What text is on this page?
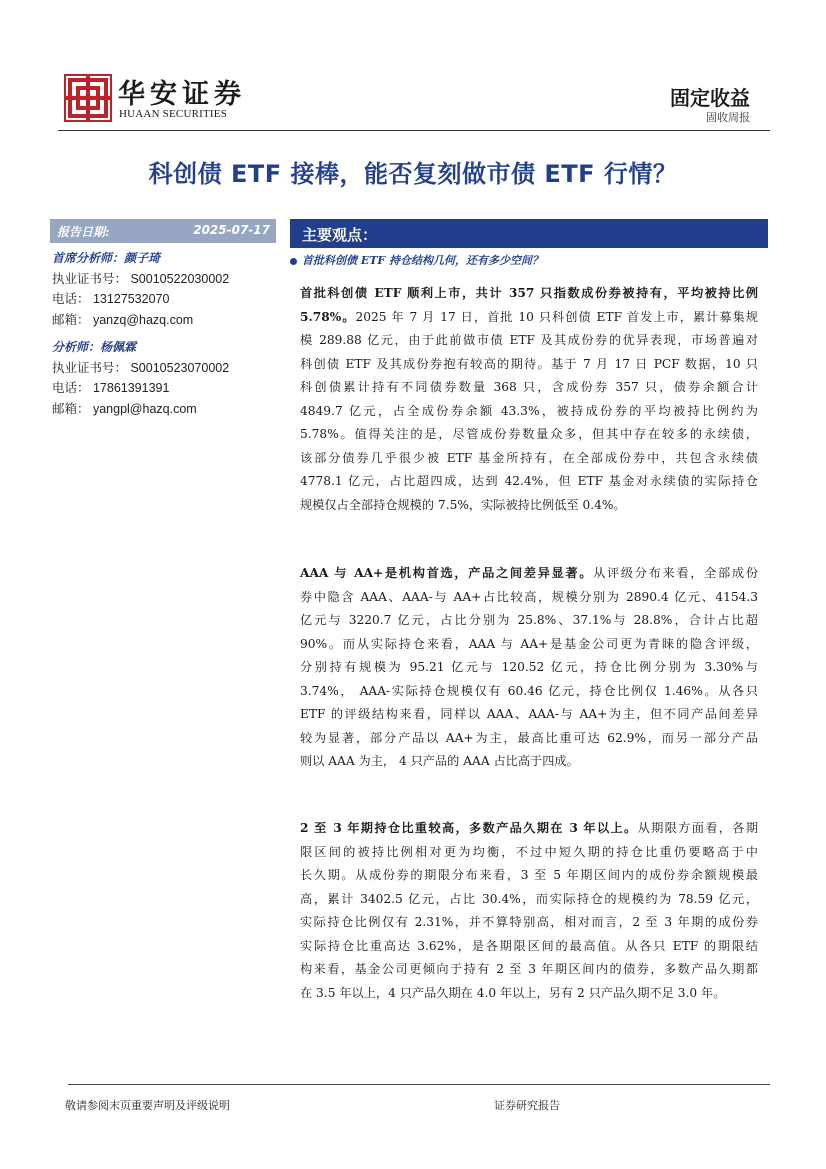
华安证券
HUAAN SECURITIES
固定收益
固收周报
科创债 ETF 接棒，能否复刻做市债 ETF 行情？
报告日期:	2025-07-17
首席分析师：颜子琦
执业证书号： S0010522030002
电话： 13127532070
邮箱： yanzq@hazq.com
分析师：杨佩霖
执业证书号： S0010523070002
电话： 17861391391
邮箱： yangpl@hazq.com
主要观点：
首批科创债 ETF 持仓结构几何，还有多少空间？
首批科创债 ETF 顺利上市，共计 357 只指数成份券被持有，平均被持比例
5.78%。2025 年 7 月 17 日，首批 10 只科创债 ETF 首发上市，累计募集规
模 289.88 亿元，由于此前做市债 ETF 及其成份券的优异表现，市场普遍对
科创债 ETF 及其成份券抱有较高的期待。基于 7 月 17 日 PCF 数据，10 只
科创债累计持有不同债券数量 368 只，含成份券 357 只，债券余额合计
4849.7 亿元，占全成份券余额 43.3%，被持成份券的平均被持比例约为
5.78%。值得关注的是，尽管成份券数量众多，但其中存在较多的永续债，
该部分债券几乎很少被 ETF 基金所持有，在全部成份券中，共包含永续债
4778.1 亿元，占比超四成，达到 42.4%，但 ETF 基金对永续债的实际持仓
规模仅占全部持仓规模的 7.5%，实际被持比例低至 0.4%。
AAA 与 AA+是机构首选，产品之间差异显著。从评级分布来看，全部成份
券中隐含 AAA、AAA-与 AA+占比较高，规模分别为 2890.4 亿元、4154.3
亿元与 3220.7 亿元，占比分别为 25.8%、37.1%与 28.8%，合计占比超
90%。而从实际持仓来看，AAA 与 AA+是基金公司更为青睐的隐含评级，
分别持有规模为 95.21 亿元与 120.52 亿元，持仓比例分别为 3.30%与
3.74%， AAA-实际持仓规模仅有 60.46 亿元，持仓比例仅 1.46%。从各只
ETF 的评级结构来看，同样以 AAA、AAA-与 AA+为主，但不同产品间差异
较为显著，部分产品以 AA+为主，最高比重可达 62.9%，而另一部分产品
则以 AAA 为主， 4 只产品的 AAA 占比高于四成。
2 至 3 年期持仓比重较高，多数产品久期在 3 年以上。从期限方面看，各期
限区间的被持比例相对更为均衡，不过中短久期的持仓比重仍要略高于中
长久期。从成份券的期限分布来看，3 至 5 年期区间内的成份券余额规模最
高，累计 3402.5 亿元，占比 30.4%，而实际持仓的规模约为 78.59 亿元，
实际持仓比例仅有 2.31%，并不算特别高，相对而言，2 至 3 年期的成份券
实际持仓比重高达 3.62%，是各期限区间的最高值。从各只 ETF 的期限结
构来看，基金公司更倾向于持有 2 至 3 年期区间内的债券，多数产品久期都
在 3.5 年以上，4 只产品久期在 4.0 年以上，另有 2 只产品久期不足 3.0 年。
敬请参阅末页重要声明及评级说明	证券研究报告
